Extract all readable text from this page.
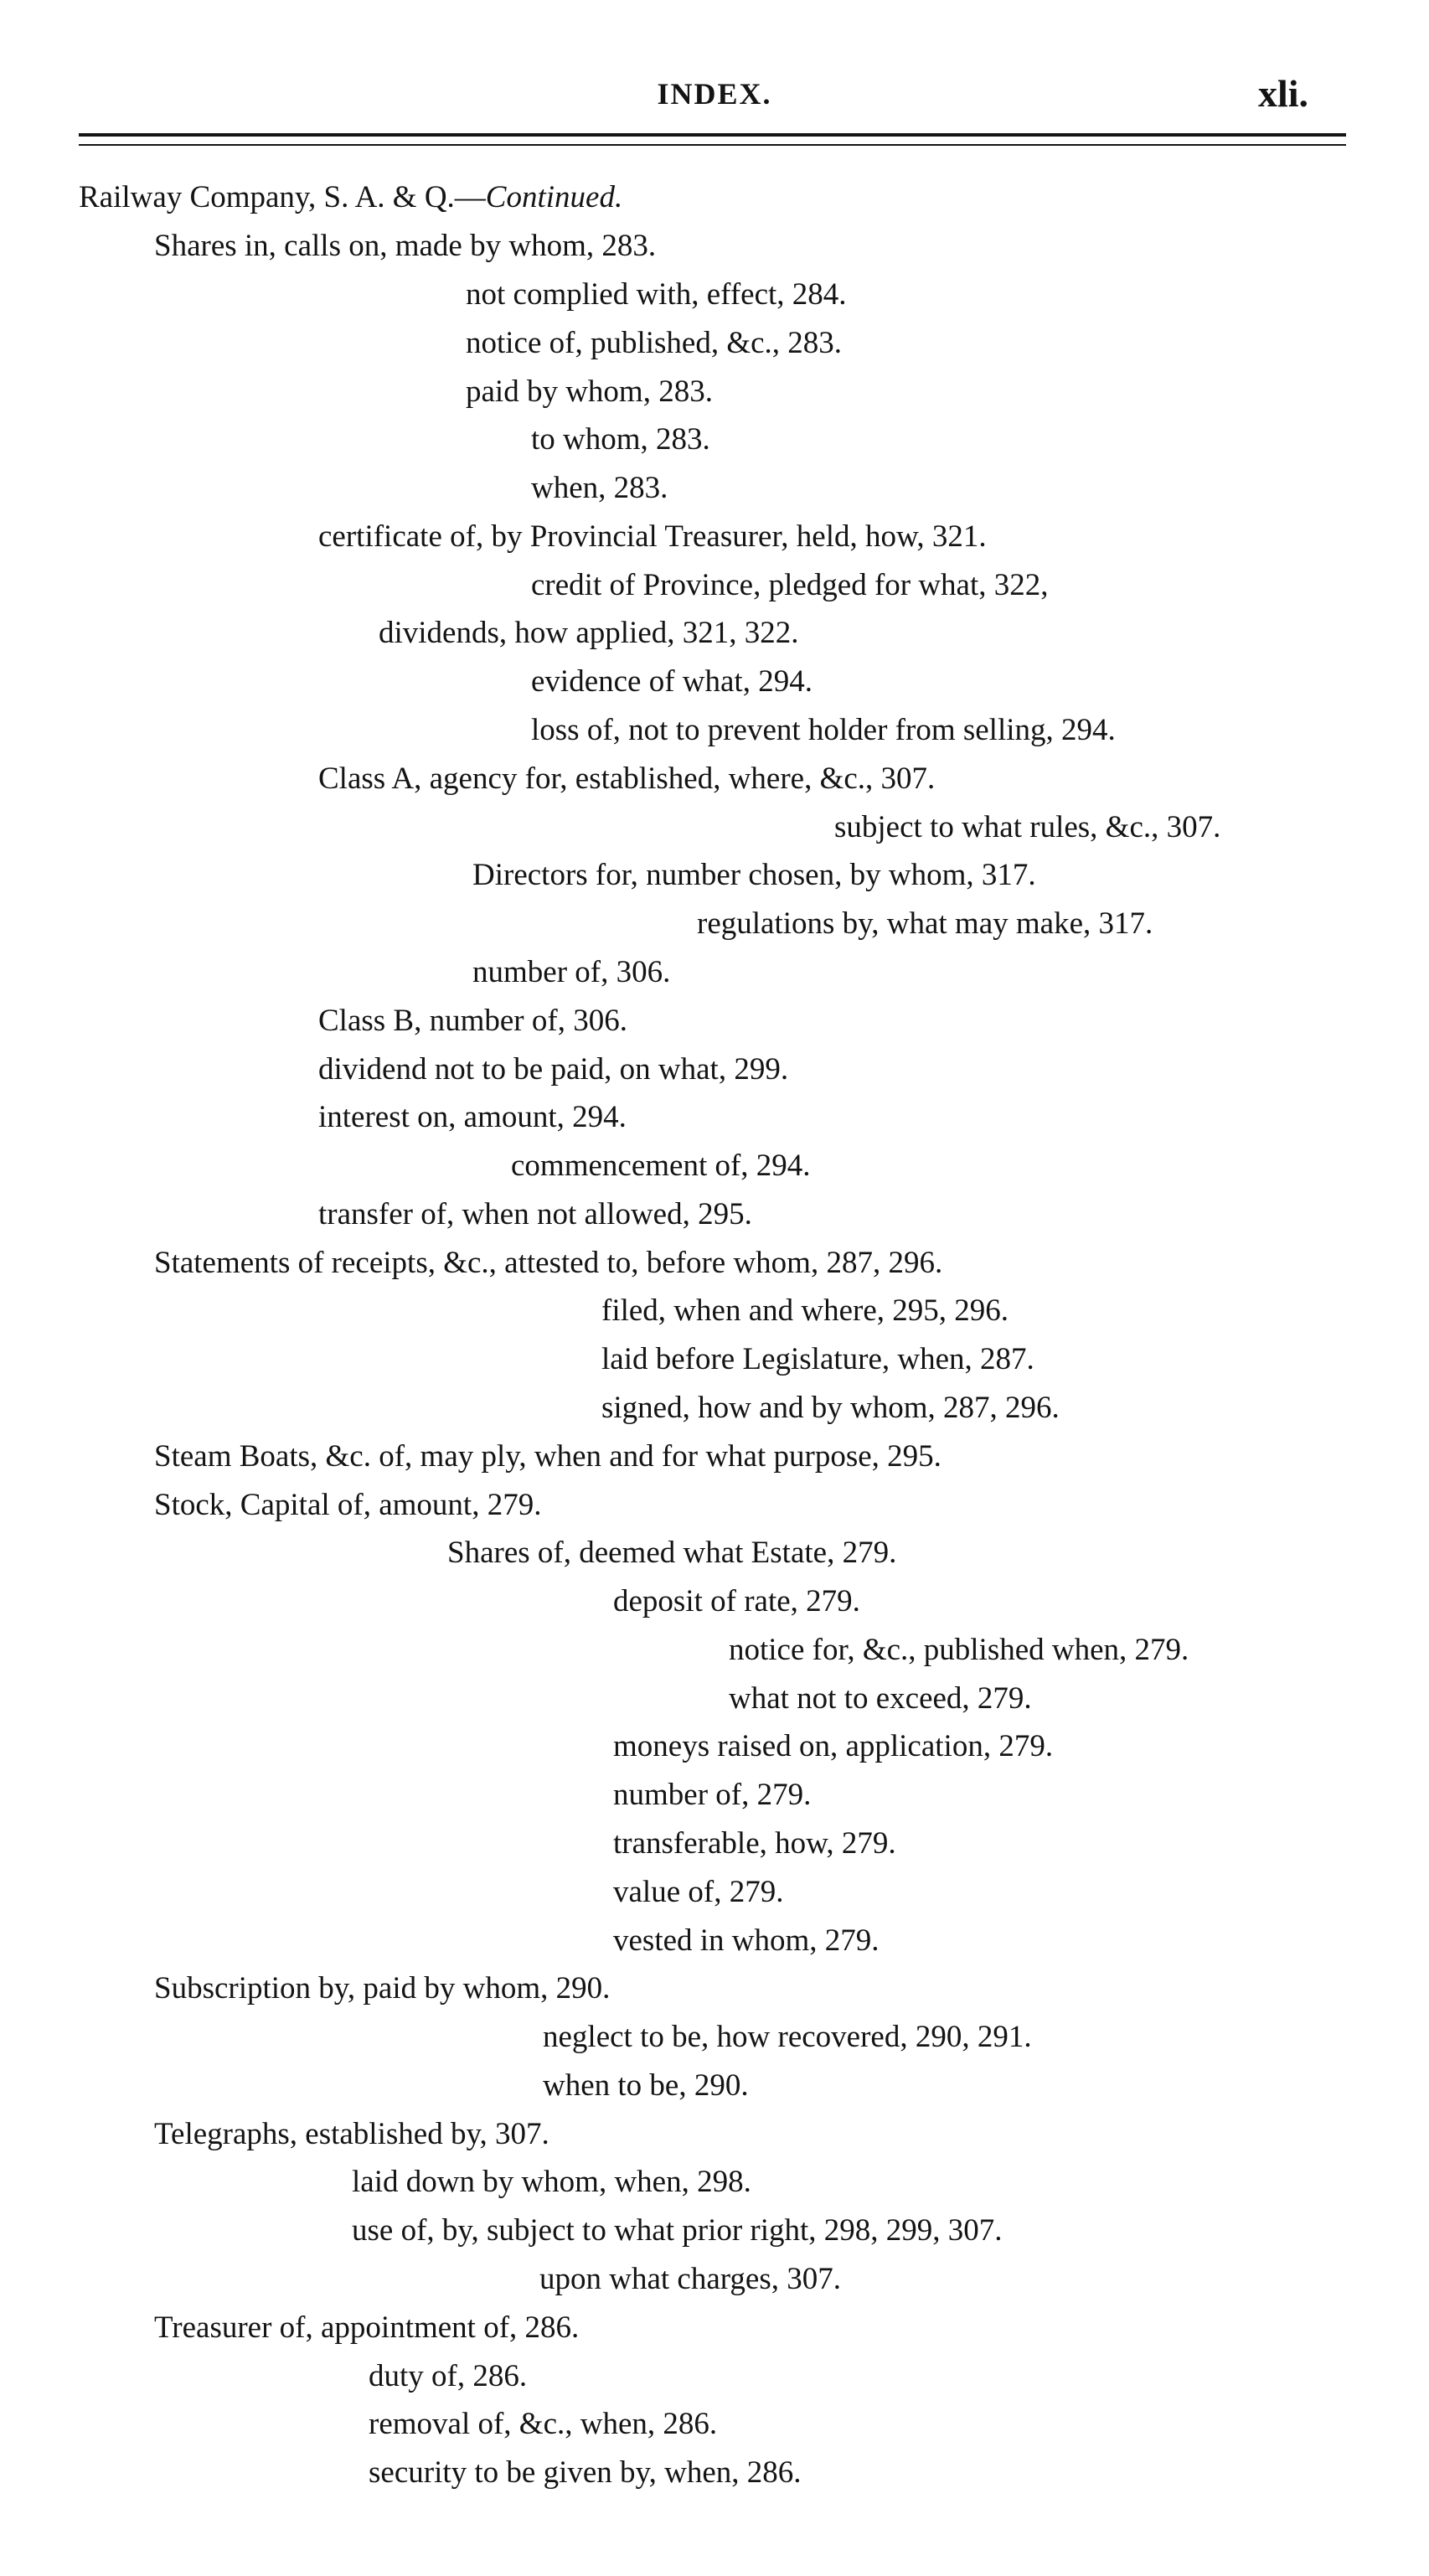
INDEX.	xli.
Railway Company, S. A. & Q.—Continued.
Shares in, calls on, made by whom, 283.
not complied with, effect, 284.
notice of, published, &c., 283.
paid by whom, 283.
to whom, 283.
when, 283.
certificate of, by Provincial Treasurer, held, how, 321.
credit of Province, pledged for what, 322,
dividends, how applied, 321, 322.
evidence of what, 294.
loss of, not to prevent holder from selling, 294.
Class A, agency for, established, where, &c., 307.
subject to what rules, &c., 307.
Directors for, number chosen, by whom, 317.
regulations by, what may make, 317.
number of, 306.
Class B, number of, 306.
dividend not to be paid, on what, 299.
interest on, amount, 294.
commencement of, 294.
transfer of, when not allowed, 295.
Statements of receipts, &c., attested to, before whom, 287, 296.
filed, when and where, 295, 296.
laid before Legislature, when, 287.
signed, how and by whom, 287, 296.
Steam Boats, &c. of, may ply, when and for what purpose, 295.
Stock, Capital of, amount, 279.
Shares of, deemed what Estate, 279.
deposit of rate, 279.
notice for, &c., published when, 279.
what not to exceed, 279.
moneys raised on, application, 279.
number of, 279.
transferable, how, 279.
value of, 279.
vested in whom, 279.
Subscription by, paid by whom, 290.
neglect to be, how recovered, 290, 291.
when to be, 290.
Telegraphs, established by, 307.
laid down by whom, when, 298.
use of, by, subject to what prior right, 298, 299, 307.
upon what charges, 307.
Treasurer of, appointment of, 286.
duty of, 286.
removal of, &c., when, 286.
security to be given by, when, 286.
